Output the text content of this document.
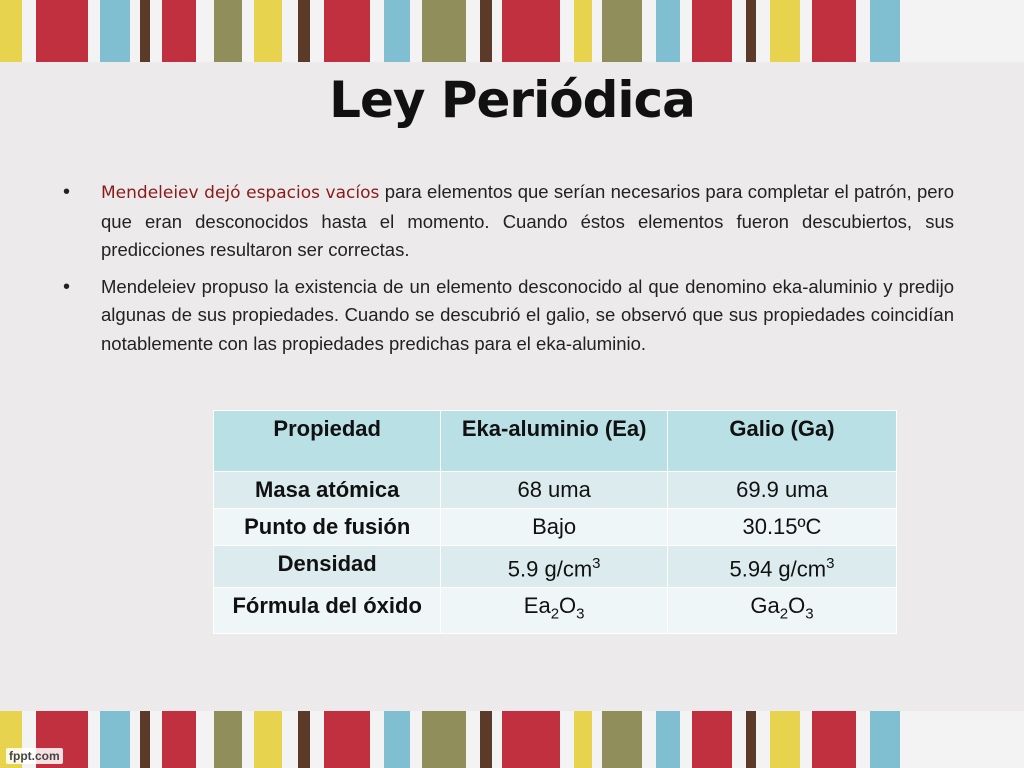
Ley Periódica
• Mendeleiev dejó espacios vacíos para elementos que serían necesarios para completar el patrón, pero que eran desconocidos hasta el momento. Cuando éstos elementos fueron descubiertos, sus predicciones resultaron ser correctas.
• Mendeleiev propuso la existencia de un elemento desconocido al que denomino eka-aluminio y predijo algunas de sus propiedades. Cuando se descubrió el galio, se observó que sus propiedades coincidían notablemente con las propiedades predichas para el eka-aluminio.
Propiedad	Eka-aluminio (Ea)	Galio (Ga)
Masa atómica	68 uma	69.9 uma
Punto de fusión	Bajo	30.15ºC
Densidad	5.9 $g/cm^3$	5.94 $g/cm^3$
Fórmula del óxido	$Ea_2O_3$	$Ga_2O_3$
fppt.com
